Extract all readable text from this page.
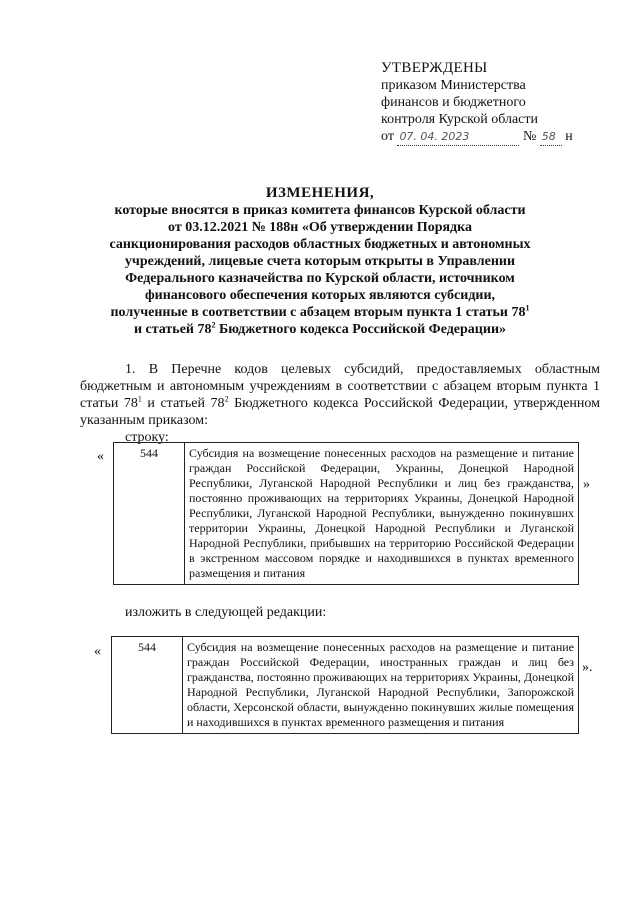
УТВЕРЖДЕНЫ
приказом Министерства
финансов и бюджетного
контроля Курской области
от 07. 04. 2023	№ 58 н
ИЗМЕНЕНИЯ,
которые вносятся в приказ комитета финансов Курской области
от 03.12.2021 № 188н «Об утверждении Порядка
санкционирования расходов областных бюджетных и автономных
учреждений, лицевые счета которым открыты в Управлении
Федерального казначейства по Курской области, источником
финансового обеспечения которых являются субсидии,
полученные в соответствии с абзацем вторым пункта 1 статьи $78^1$
и статьей $78^2$ Бюджетного кодекса Российской Федерации»
1. В Перечне кодов целевых субсидий, предоставляемых областным бюджетным и автономным учреждениям в соответствии с абзацем вторым пункта 1 статьи $78^1$ и статьей $78^2$ Бюджетного кодекса Российской Федерации, утвержденном указанным приказом:
строку:
«	544	Субсидия на возмещение понесенных расходов на размещение и питание граждан Российской Федерации, Украины, Донецкой Народной Республики, Луганской Народной Республики и лиц без гражданства, постоянно проживающих на территориях Украины, Донецкой Народной Республики, Луганской Народной Республики, вынужденно покинувших территории Украины, Донецкой Народной Республики и Луганской Народной Республики, прибывших на территорию Российской Федерации в экстренном массовом порядке и находившихся в пунктах временного размещения и питания
»
изложить в следующей редакции:
«	544	Субсидия на возмещение понесенных расходов на размещение и питание граждан Российской Федерации, иностранных граждан и лиц без гражданства, постоянно проживающих на территориях Украины, Донецкой Народной Республики, Луганской Народной Республики, Запорожской области, Херсонской области, вынужденно покинувших жилые помещения и находившихся в пунктах временного размещения и питания
».
